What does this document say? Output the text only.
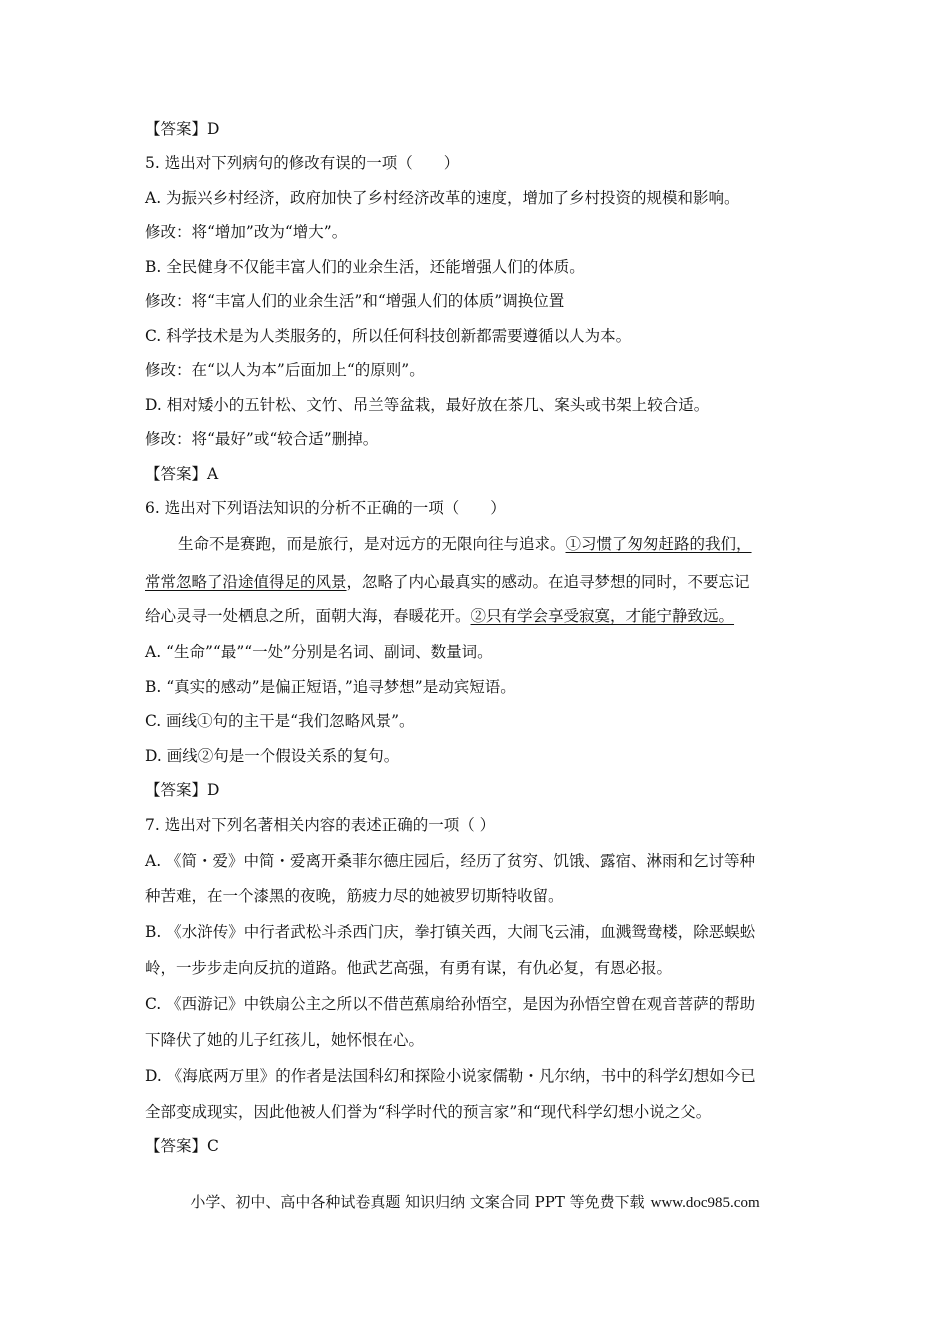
【答案】D
5. 选出对下列病句的修改有误的一项（　　）
A. 为振兴乡村经济，政府加快了乡村经济改革的速度，增加了乡村投资的规模和影响。
修改：将“增加”改为“增大”。
B. 全民健身不仅能丰富人们的业余生活，还能增强人们的体质。
修改：将“丰富人们的业余生活”和“增强人们的体质”调换位置
C. 科学技术是为人类服务的，所以任何科技创新都需要遵循以人为本。
修改：在“以人为本”后面加上“的原则”。
D. 相对矮小的五针松、文竹、吊兰等盆栽，最好放在茶几、案头或书架上较合适。
修改：将“最好”或“较合适”删掉。
【答案】A
6. 选出对下列语法知识的分析不正确的一项（　　）
生命不是赛跑，而是旅行，是对远方的无限向往与追求。①习惯了匆匆赶路的我们，
常常忽略了沿途值得足的风景，忽略了内心最真实的感动。在追寻梦想的同时，不要忘记
给心灵寻一处栖息之所，面朝大海，春暖花开。②只有学会享受寂寞，才能宁静致远。
A. “生命”“最”“一处”分别是名词、副词、数量词。
B. “真实的感动”是偏正短语，”追寻梦想”是动宾短语。
C. 画线①句的主干是“我们忽略风景”。
D. 画线②句是一个假设关系的复句。
【答案】D
7. 选出对下列名著相关内容的表述正确的一项（ ）
A. 《简・爱》中简・爱离开桑菲尔德庄园后，经历了贫穷、饥饿、露宿、淋雨和乞讨等种
种苦难，在一个漆黑的夜晚，筋疲力尽的她被罗切斯特收留。
B. 《水浒传》中行者武松斗杀西门庆，拳打镇关西，大闹飞云浦，血溅鸳鸯楼，除恶蜈蚣
岭，一步步走向反抗的道路。他武艺高强，有勇有谋，有仇必复，有恩必报。
C. 《西游记》中铁扇公主之所以不借芭蕉扇给孙悟空，是因为孙悟空曾在观音菩萨的帮助
下降伏了她的儿子红孩儿，她怀恨在心。
D. 《海底两万里》的作者是法国科幻和探险小说家儒勒・凡尔纳，书中的科学幻想如今已
全部变成现实，因此他被人们誉为“科学时代的预言家”和“现代科学幻想小说之父。
【答案】C
小学、初中、高中各种试卷真题 知识归纳 文案合同 PPT 等免费下载 www.doc985.com
